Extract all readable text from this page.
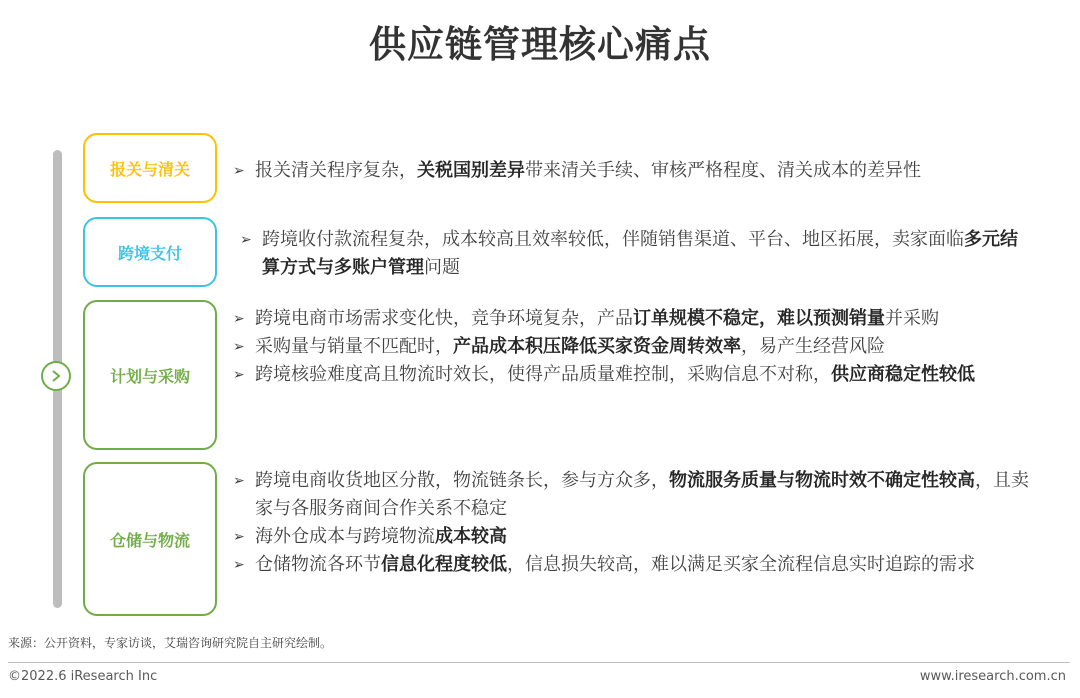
供应链管理核心痛点
报关与清关
跨境支付
计划与采购
仓储与物流
➢ 报关清关程序复杂，关税国别差异带来清关手续、审核严格程度、清关成本的差异性
➢ 跨境收付款流程复杂，成本较高且效率较低，伴随销售渠道、平台、地区拓展，卖家面临多元结算方式与多账户管理问题
➢ 跨境电商市场需求变化快，竞争环境复杂，产品订单规模不稳定，难以预测销量并采购
➢ 采购量与销量不匹配时，产品成本积压降低买家资金周转效率，易产生经营风险
➢ 跨境核验难度高且物流时效长，使得产品质量难控制，采购信息不对称，供应商稳定性较低
➢ 跨境电商收货地区分散，物流链条长，参与方众多，物流服务质量与物流时效不确定性较高，且卖家与各服务商间合作关系不稳定
➢ 海外仓成本与跨境物流成本较高
➢ 仓储物流各环节信息化程度较低，信息损失较高，难以满足买家全流程信息实时追踪的需求
来源：公开资料，专家访谈，艾瑞咨询研究院自主研究绘制。
©2022.6 iResearch Inc	www.iresearch.com.cn
